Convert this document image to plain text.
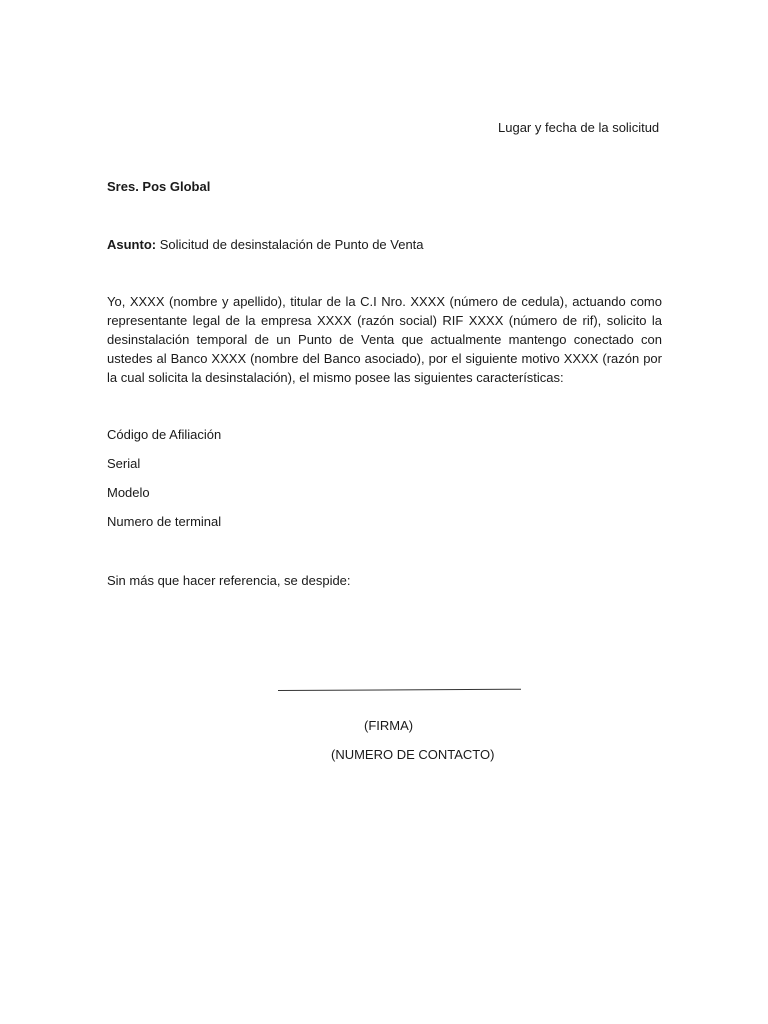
Lugar y fecha de la solicitud
Sres. Pos Global
Asunto: Solicitud de desinstalación de Punto de Venta

Yo, XXXX (nombre y apellido), titular de la C.I Nro. XXXX (número de cedula), actuando como representante legal de la empresa XXXX (razón social) RIF XXXX (número de rif), solicito la desinstalación temporal de un Punto de Venta que actualmente mantengo conectado con ustedes al Banco XXXX (nombre del Banco asociado), por el siguiente motivo XXXX (razón por la cual solicita la desinstalación), el mismo posee las siguientes características:

Código de Afiliación
Serial
Modelo
Numero de terminal
Sin más que hacer referencia, se despide:
(FIRMA)
(NUMERO DE CONTACTO)
